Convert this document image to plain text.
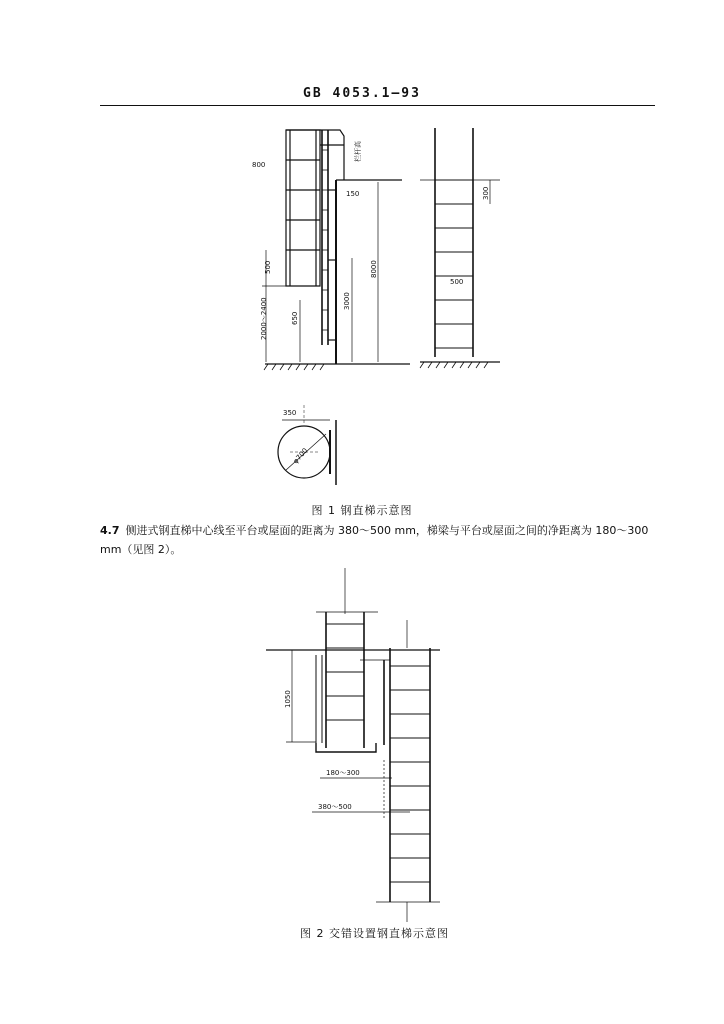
GB 4053.1—93
800
150
栏杆高
500	8000
3000
2000～2400	650
500
300
350
φ700
图 1 钢直梯示意图
4.7 侧进式钢直梯中心线至平台或屋面的距离为 380～500 mm，梯梁与平台或屋面之间的净距离为 180～300 mm（见图 2）。
1050
180～300
380～500
图 2 交错设置钢直梯示意图
